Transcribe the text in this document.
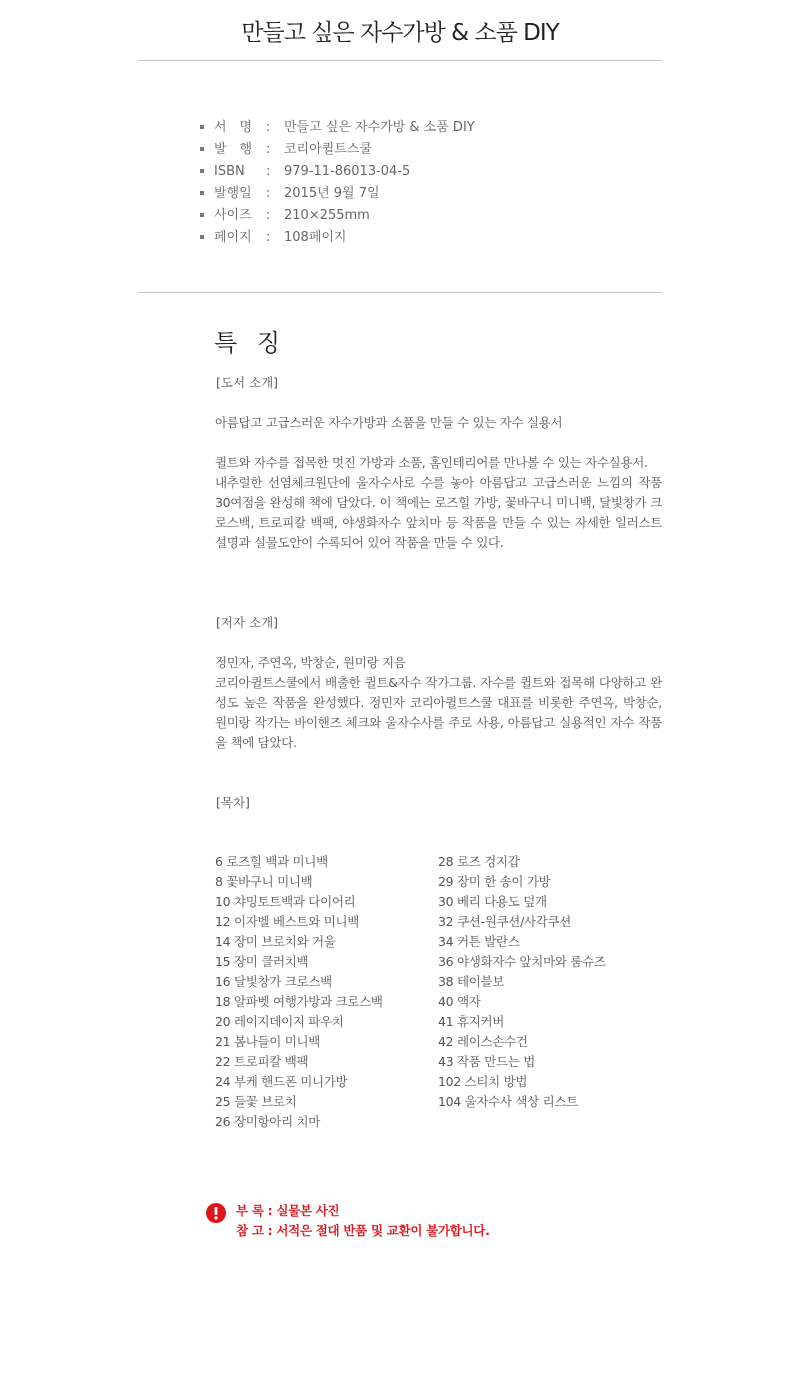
만들고 싶은 자수가방 & 소품 DIY
서　명 : 만들고 싶은 자수가방 & 소품 DIY
발　행 : 코리아퀼트스쿨
ISBN : 979-11-86013-04-5
발행일 : 2015년 9월 7일
사이즈 : 210×255mm
페이지 : 108페이지
특 징
[도서 소개]
아름답고 고급스러운 자수가방과 소품을 만들 수 있는 자수 실용서
퀼트와 자수를 접목한 멋진 가방과 소품, 홈인테리어를 만나볼 수 있는 자수실용서.
내추럴한 선염체크원단에 울자수사로 수를 놓아 아름답고 고급스러운 느낌의 작품 30여점을 완성해 책에 담았다. 이 책에는 로즈힐 가방, 꽃바구니 미니백, 달빛창가 크로스백, 트로피칼 백팩, 야생화자수 앞치마 등 작품을 만들 수 있는 자세한 일러스트 설명과 실물도안이 수록되어 있어 작품을 만들 수 있다.
[저자 소개]
정민자, 주연옥, 박창순, 원미랑 지음
코리아퀼트스쿨에서 배출한 퀼트&자수 작가그룹. 자수를 퀼트와 접목해 다양하고 완성도 높은 작품을 완성했다. 정민자 코리아퀼트스쿨 대표를 비롯한 주연옥, 박창순, 원미랑 작가는 바이핸즈 체크와 울자수사를 주로 사용, 아름답고 실용적인 자수 작품을 책에 담았다.
[목차]
6 로즈힐 백과 미니백
8 꽃바구니 미니백
10 챠밍토트백과 다이어리
12 이자벨 베스트와 미니백
14 장미 브로치와 거울
15 장미 클러치백
16 달빛창가 크로스백
18 알파벳 여행가방과 크로스백
20 레이지데이지 파우치
21 봄나들이 미니백
22 트로피칼 백팩
24 부케 핸드폰 미니가방
25 들꽃 브로치
26 장미항아리 치마
28 로즈 겅지갑
29 장미 한 송이 가방
30 베리 다용도 덮개
32 쿠션-원쿠션/사각쿠션
34 커튼 발란스
36 야생화자수 앞치마와 룸슈즈
38 테이블보
40 액자
41 휴지커버
42 레이스손수건
43 작품 만드는 법
102 스티치 방법
104 울자수사 색상 리스트
부 록 : 실물본 사진
참 고 : 서적은 절대 반품 및 교환이 불가합니다.
